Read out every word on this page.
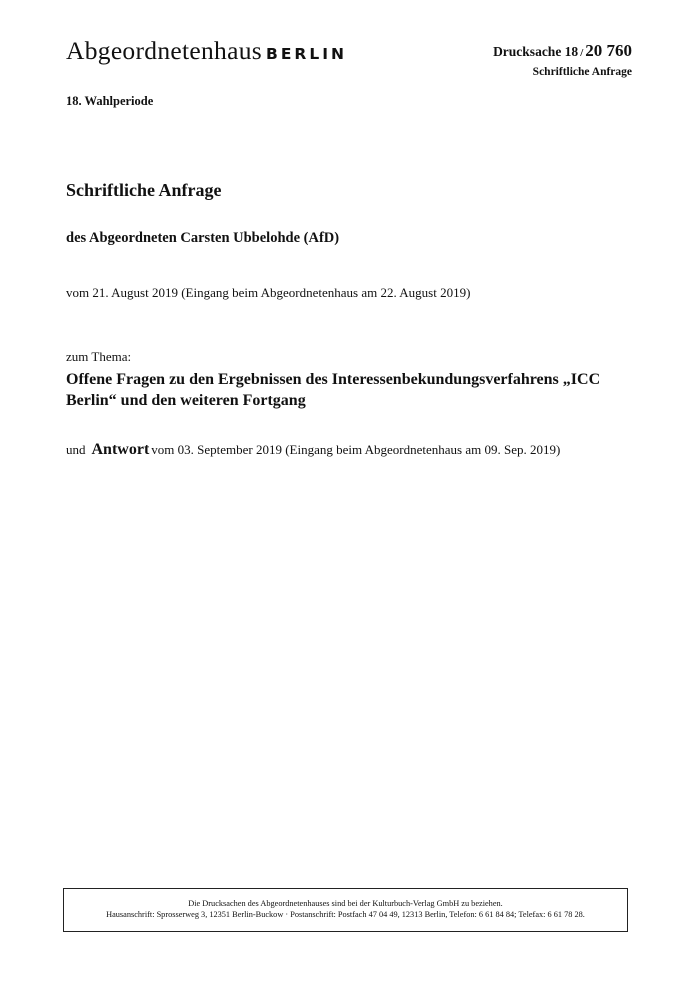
Abgeordnetenhaus BERLIN	Drucksache 18 / 20 760
Schriftliche Anfrage
18. Wahlperiode
Schriftliche Anfrage
des Abgeordneten Carsten Ubbelohde (AfD)
vom 21. August 2019 (Eingang beim Abgeordnetenhaus am 22. August 2019)
zum Thema:
Offene Fragen zu den Ergebnissen des Interessenbekundungsverfahrens „ICC Berlin“ und den weiteren Fortgang
und Antwort vom 03. September 2019 (Eingang beim Abgeordnetenhaus am 09. Sep. 2019)
Die Drucksachen des Abgeordnetenhauses sind bei der Kulturbuch-Verlag GmbH zu beziehen.
Hausanschrift: Sprosserweg 3, 12351 Berlin-Buckow · Postanschrift: Postfach 47 04 49, 12313 Berlin, Telefon: 6 61 84 84; Telefax: 6 61 78 28.
